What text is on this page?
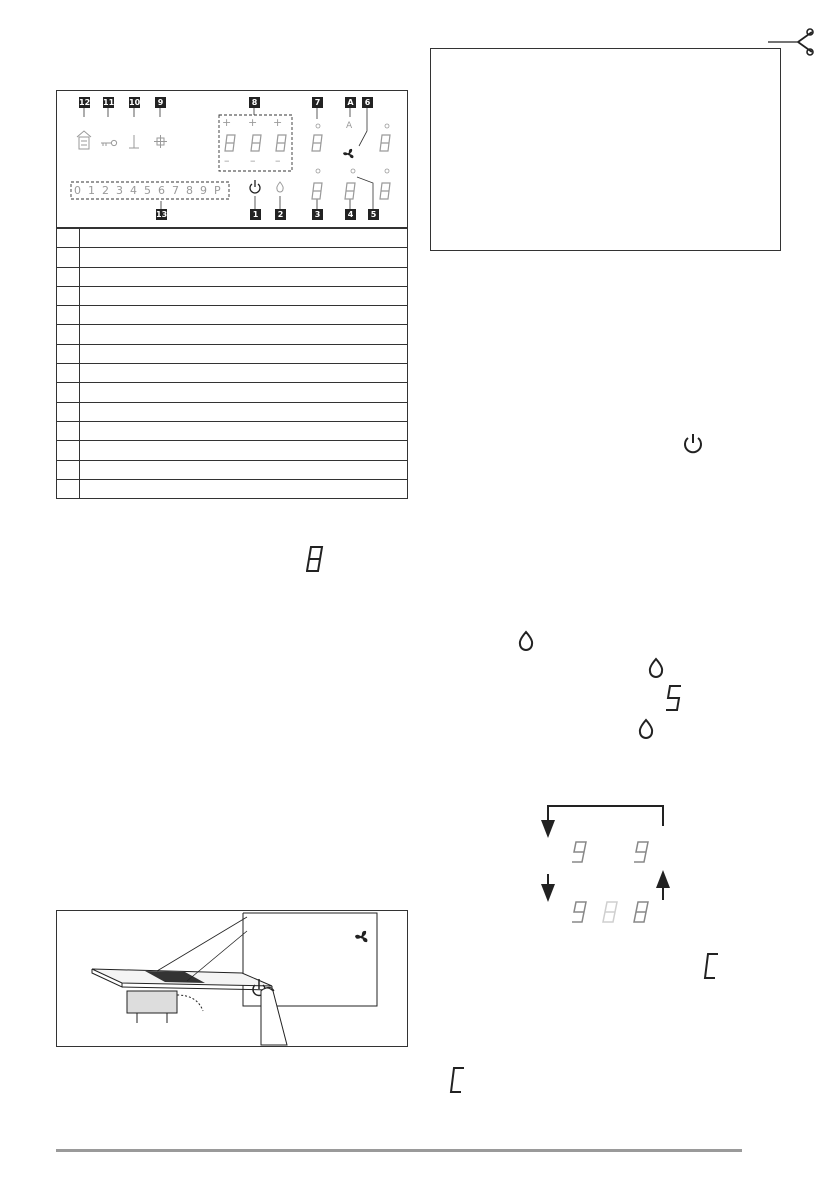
12 11 10	9	8	7	A	6
1	2	3	4	5
13
+ + +
– – –
A
0 1 2 3 4 5 6 7 8 9 P
